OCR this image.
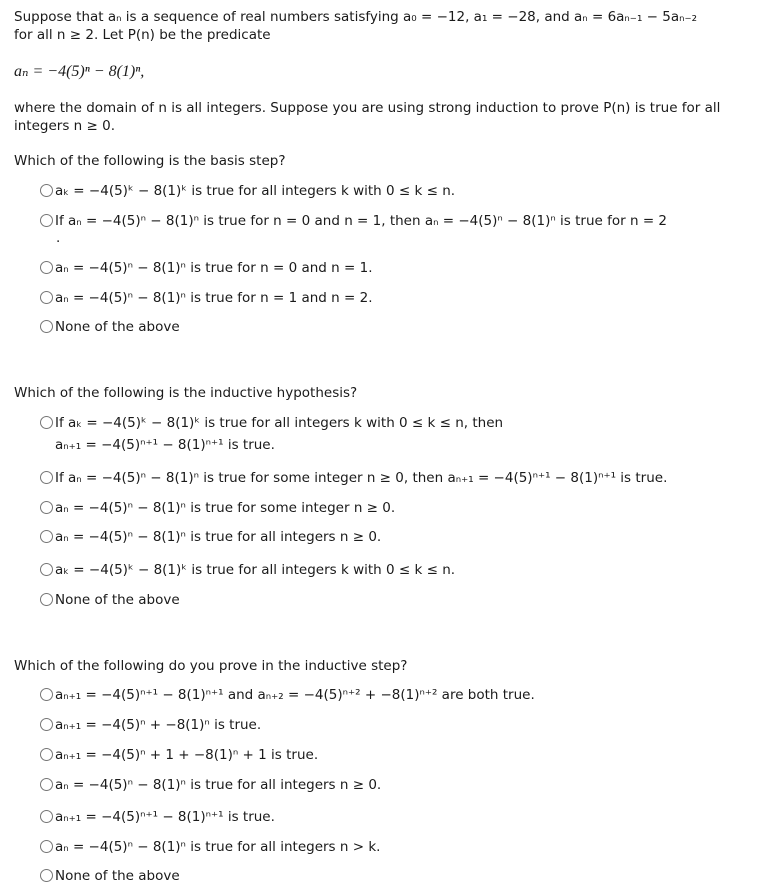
Suppose that aₙ is a sequence of real numbers satisfying a₀ = −12, a₁ = −28, and aₙ = 6aₙ₋₁ − 5aₙ₋₂
for all n ≥ 2. Let P(n) be the predicate
aₙ = −4(5)ⁿ − 8(1)ⁿ,
where the domain of n is all integers. Suppose you are using strong induction to prove P(n) is true for all
integers n ≥ 0.
Which of the following is the basis step?
aₖ = −4(5)ᵏ − 8(1)ᵏ is true for all integers k with 0 ≤ k ≤ n.
If aₙ = −4(5)ⁿ − 8(1)ⁿ is true for n = 0 and n = 1, then aₙ = −4(5)ⁿ − 8(1)ⁿ is true for n = 2
.
aₙ = −4(5)ⁿ − 8(1)ⁿ is true for n = 0 and n = 1.
aₙ = −4(5)ⁿ − 8(1)ⁿ is true for n = 1 and n = 2.
None of the above
Which of the following is the inductive hypothesis?
If aₖ = −4(5)ᵏ − 8(1)ᵏ is true for all integers k with 0 ≤ k ≤ n, then
aₙ₊₁ = −4(5)ⁿ⁺¹ − 8(1)ⁿ⁺¹ is true.
If aₙ = −4(5)ⁿ − 8(1)ⁿ is true for some integer n ≥ 0, then aₙ₊₁ = −4(5)ⁿ⁺¹ − 8(1)ⁿ⁺¹ is true.
aₙ = −4(5)ⁿ − 8(1)ⁿ is true for some integer n ≥ 0.
aₙ = −4(5)ⁿ − 8(1)ⁿ is true for all integers n ≥ 0.
aₖ = −4(5)ᵏ − 8(1)ᵏ is true for all integers k with 0 ≤ k ≤ n.
None of the above
Which of the following do you prove in the inductive step?
aₙ₊₁ = −4(5)ⁿ⁺¹ − 8(1)ⁿ⁺¹ and aₙ₊₂ = −4(5)ⁿ⁺² + −8(1)ⁿ⁺² are both true.
aₙ₊₁ = −4(5)ⁿ + −8(1)ⁿ is true.
aₙ₊₁ = −4(5)ⁿ + 1 + −8(1)ⁿ + 1 is true.
aₙ = −4(5)ⁿ − 8(1)ⁿ is true for all integers n ≥ 0.
aₙ₊₁ = −4(5)ⁿ⁺¹ − 8(1)ⁿ⁺¹ is true.
aₙ = −4(5)ⁿ − 8(1)ⁿ is true for all integers n > k.
None of the above
